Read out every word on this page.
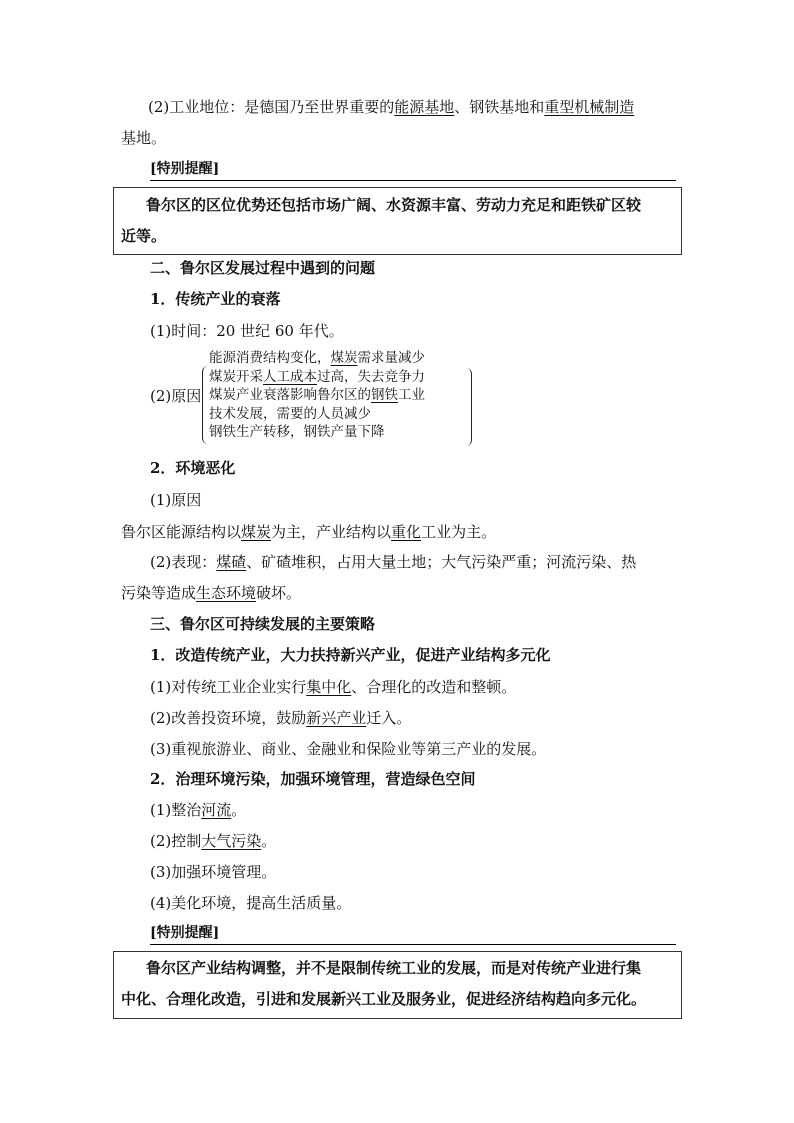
(2)工业地位：是德国乃至世界重要的能源基地、钢铁基地和重型机械制造
基地。
[特别提醒]
鲁尔区的区位优势还包括市场广阔、水资源丰富、劳动力充足和距铁矿区较
近等。
二、鲁尔区发展过程中遇到的问题
1．传统产业的衰落
(1)时间：20 世纪 60 年代。
(2)原因
能源消费结构变化，煤炭需求量减少
煤炭开采人工成本过高，失去竞争力
煤炭产业衰落影响鲁尔区的钢铁工业
技术发展，需要的人员减少
钢铁生产转移，钢铁产量下降
2．环境恶化
(1)原因
鲁尔区能源结构以煤炭为主，产业结构以重化工业为主。
(2)表现：煤碴、矿碴堆积，占用大量土地；大气污染严重；河流污染、热
污染等造成生态环境破坏。
三、鲁尔区可持续发展的主要策略
1．改造传统产业，大力扶持新兴产业，促进产业结构多元化
(1)对传统工业企业实行集中化、合理化的改造和整顿。
(2)改善投资环境，鼓励新兴产业迁入。
(3)重视旅游业、商业、金融业和保险业等第三产业的发展。
2．治理环境污染，加强环境管理，营造绿色空间
(1)整治河流。
(2)控制大气污染。
(3)加强环境管理。
(4)美化环境，提高生活质量。
[特别提醒]
鲁尔区产业结构调整，并不是限制传统工业的发展，而是对传统产业进行集
中化、合理化改造，引进和发展新兴工业及服务业，促进经济结构趋向多元化。
